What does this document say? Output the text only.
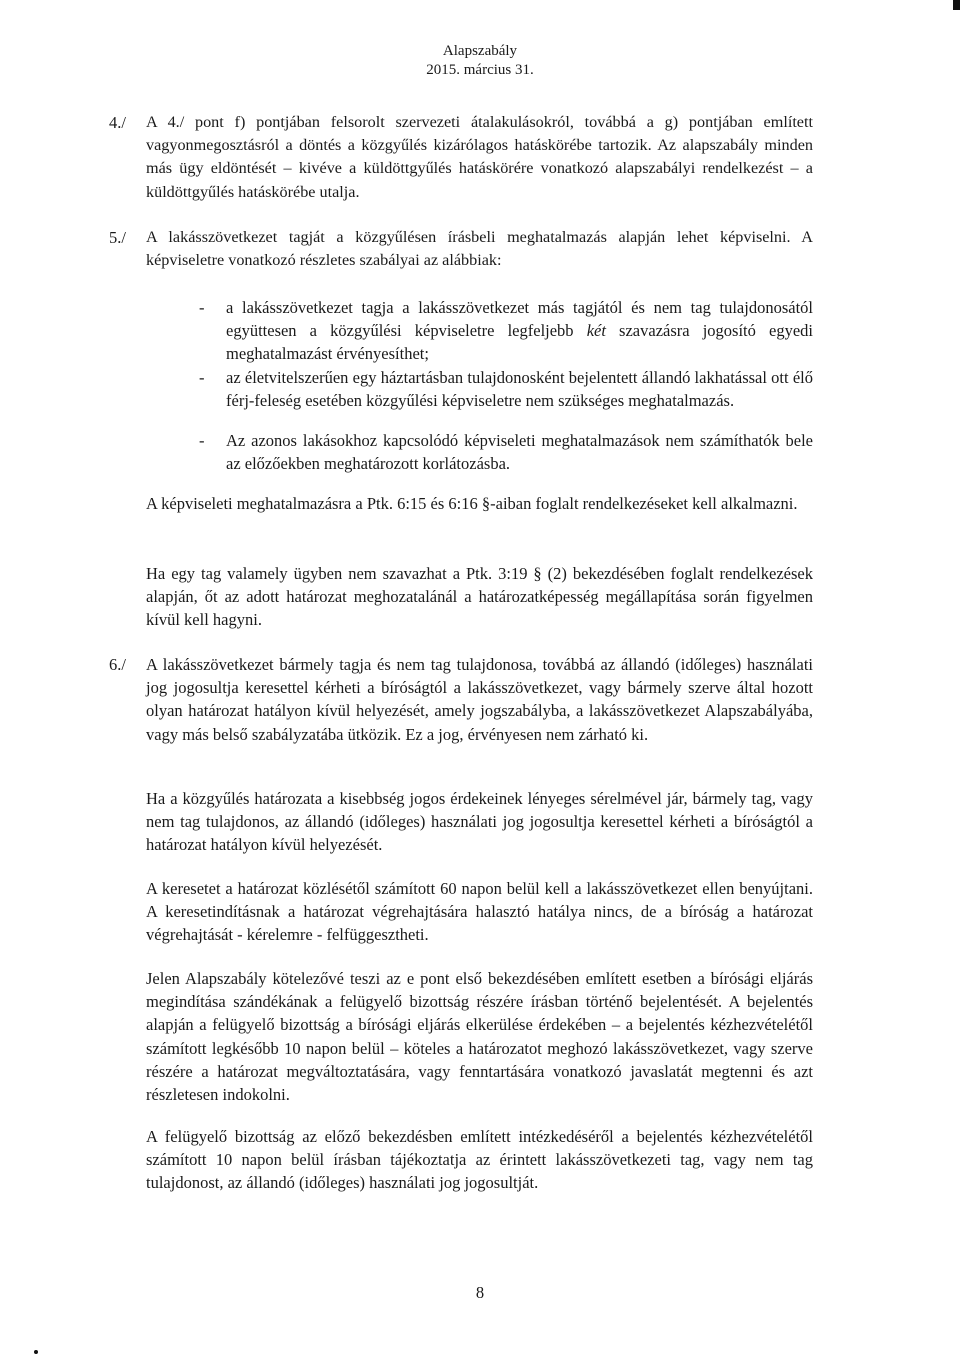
Alapszabály
2015. március 31.
4./ A 4./ pont f) pontjában felsorolt szervezeti átalakulásokról, továbbá a g) pontjában említett vagyonmegosztásról a döntés a közgyűlés kizárólagos hatáskörébe tartozik. Az alapszabály minden más ügy eldöntését – kivéve a küldöttgyűlés hatáskörére vonatkozó alapszabályi rendelkezést – a küldöttgyűlés hatáskörébe utalja.

5./ A lakásszövetkezet tagját a közgyűlésen írásbeli meghatalmazás alapján lehet képviselni. A képviseletre vonatkozó részletes szabályai az alábbiak:

- a lakásszövetkezet tagja a lakásszövetkezet más tagjától és nem tag tulajdonosától együttesen a közgyűlési képviseletre legfeljebb két szavazásra jogosító egyedi meghatalmazást érvényesíthet;

- az életvitelszerűen egy háztartásban tulajdonosként bejelentett állandó lakhatással ott élő férj-feleség esetében közgyűlési képviseletre nem szükséges meghatalmazás.

- Az azonos lakásokhoz kapcsolódó képviseleti meghatalmazások nem számíthatók bele az előzőekben meghatározott korlátozásba.

A képviseleti meghatalmazásra a Ptk. 6:15 és 6:16 §-aiban foglalt rendelkezéseket kell alkalmazni.

Ha egy tag valamely ügyben nem szavazhat a Ptk. 3:19 § (2) bekezdésében foglalt rendelkezések alapján, őt az adott határozat meghozatalánál a határozatképesség megállapítása során figyelmen kívül kell hagyni.

6./ A lakásszövetkezet bármely tagja és nem tag tulajdonosa, továbbá az állandó (időleges) használati jog jogosultja keresettel kérheti a bíróságtól a lakásszövetkezet, vagy bármely szerve által hozott olyan határozat hatályon kívül helyezését, amely jogszabályba, a lakásszövetkezet Alapszabályába, vagy más belső szabályzatába ütközik. Ez a jog, érvényesen nem zárható ki.

Ha a közgyűlés határozata a kisebbség jogos érdekeinek lényeges sérelmével jár, bármely tag, vagy nem tag tulajdonos, az állandó (időleges) használati jog jogosultja keresettel kérheti a bíróságtól a határozat hatályon kívül helyezését.

A keresetet a határozat közlésétől számított 60 napon belül kell a lakásszövetkezet ellen benyújtani. A keresetindításnak a határozat végrehajtására halasztó hatálya nincs, de a bíróság a határozat végrehajtását - kérelemre - felfüggesztheti.

Jelen Alapszabály kötelezővé teszi az e pont első bekezdésében említett esetben a bírósági eljárás megindítása szándékának a felügyelő bizottság részére írásban történő bejelentését. A bejelentés alapján a felügyelő bizottság a bírósági eljárás elkerülése érdekében – a bejelentés kézhezvételétől számított legkésőbb 10 napon belül – köteles a határozatot meghozó lakásszövetkezet, vagy szerve részére a határozat megváltoztatására, vagy fenntartására vonatkozó javaslatát megtenni és azt részletesen indokolni.

A felügyelő bizottság az előző bekezdésben említett intézkedéséről a bejelentés kézhezvételétől számított 10 napon belül írásban tájékoztatja az érintett lakásszövetkezeti tag, vagy nem tag tulajdonost, az állandó (időleges) használati jog jogosultját.

8
